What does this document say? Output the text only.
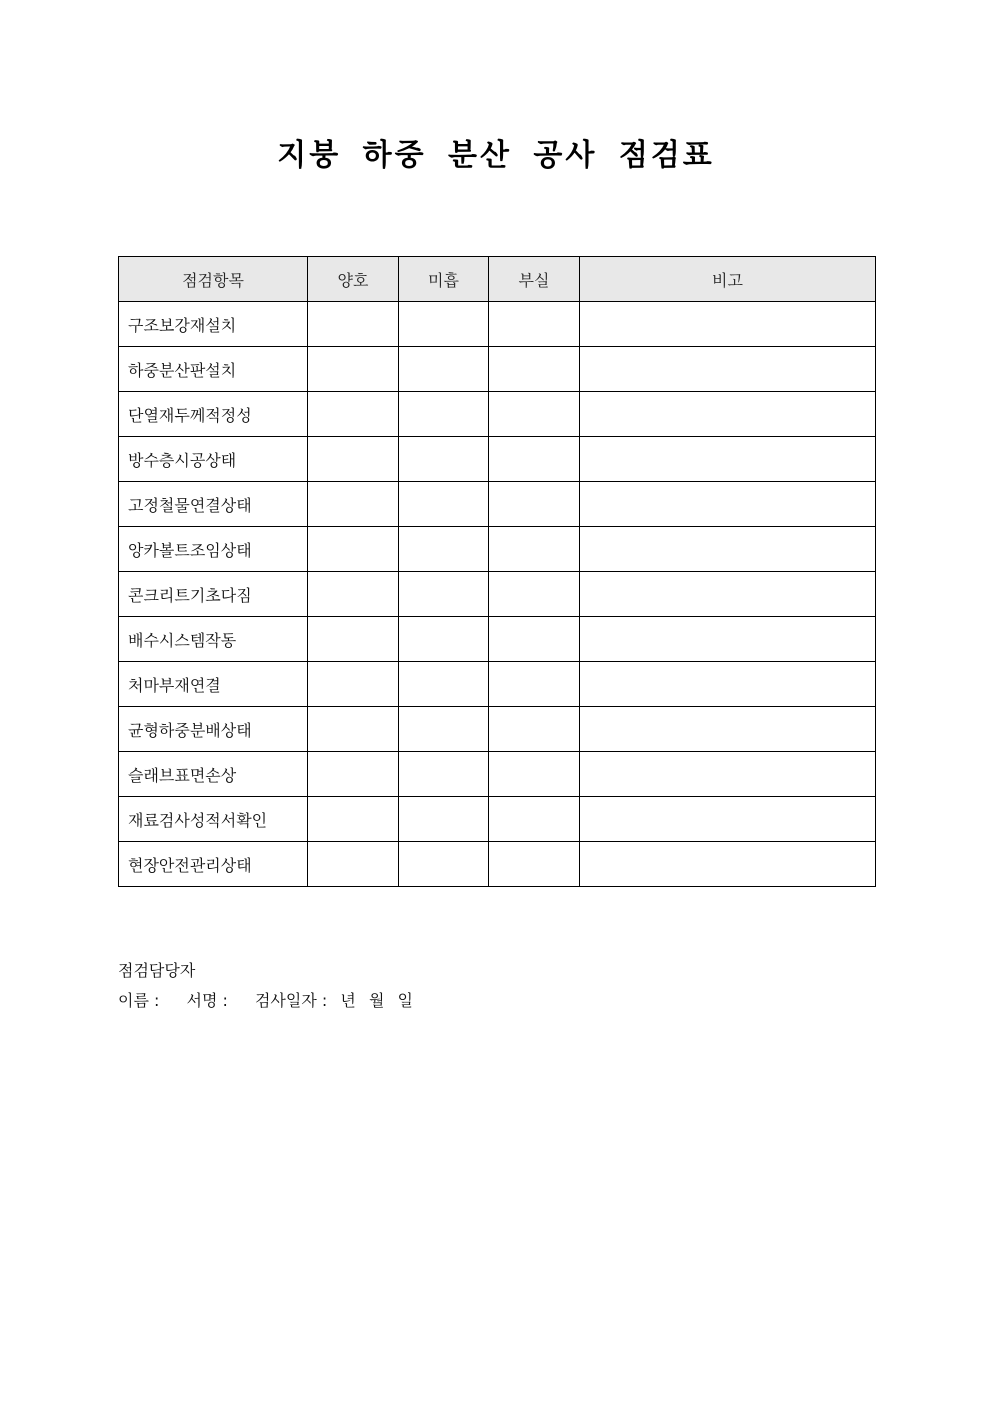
지붕 하중 분산 공사 점검표
점검항목	양호	미흡	부실	비고
구조보강재설치				
하중분산판설치				
단열재두께적정성				
방수층시공상태				
고정철물연결상태				
앙카볼트조임상태				
콘크리트기초다짐				
배수시스템작동				
처마부재연결				
균형하중분배상태				
슬래브표면손상				
재료검사성적서확인				
현장안전관리상태				
점검담당자
이름 : 서명 : 검사일자 : 년 월 일
